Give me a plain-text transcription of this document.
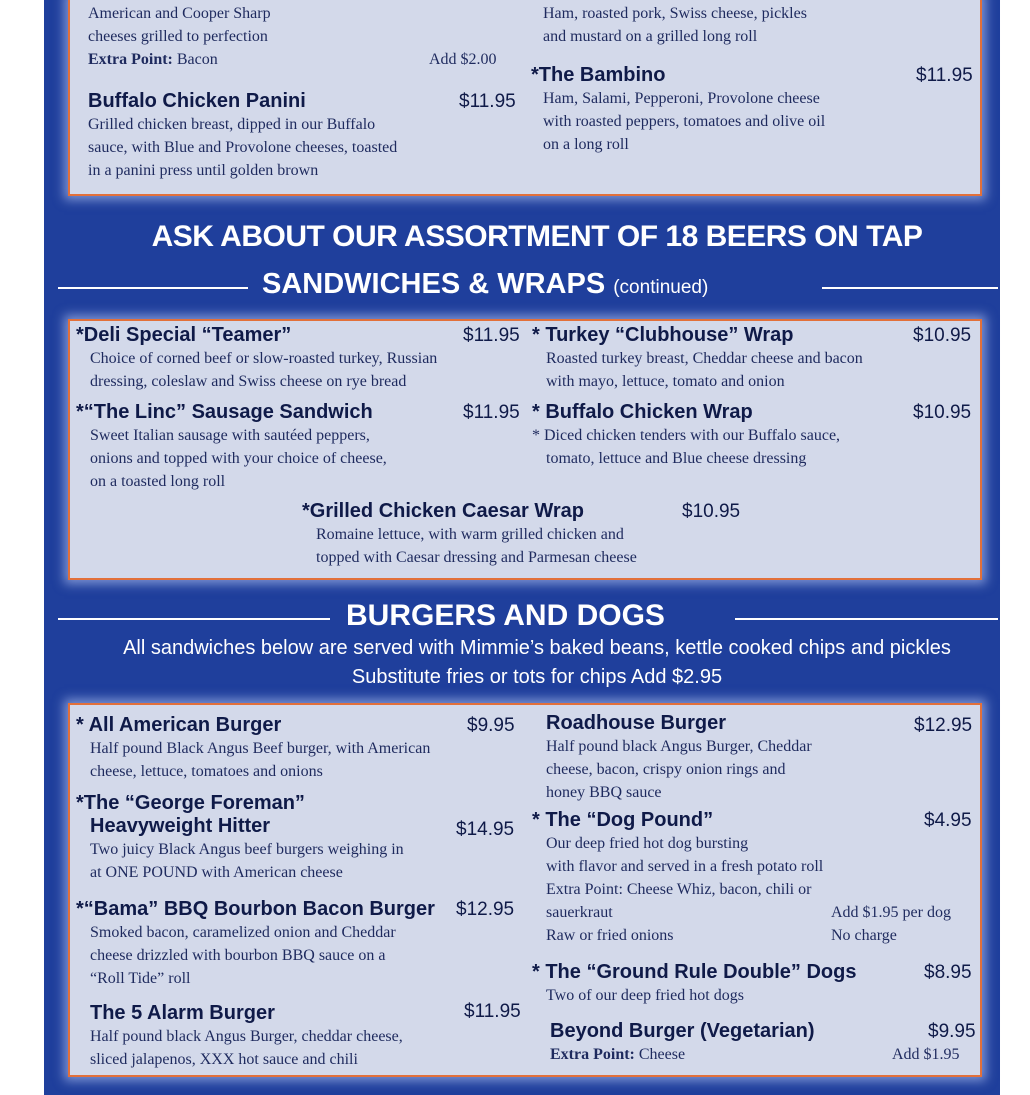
American and Cooper Sharp
cheeses grilled to perfection
Extra Point: Bacon	Add $2.00
Buffalo Chicken Panini	$11.95
Grilled chicken breast, dipped in our Buffalo
sauce, with Blue and Provolone cheeses, toasted
in a panini press until golden brown
Ham, roasted pork, Swiss cheese, pickles
and mustard on a grilled long roll
*The Bambino	$11.95
Ham, Salami, Pepperoni, Provolone cheese
with roasted peppers, tomatoes and olive oil
on a long roll
ASK ABOUT OUR ASSORTMENT OF 18 BEERS ON TAP
SANDWICHES & WRAPS (continued)
*Deli Special “Teamer”	$11.95
Choice of corned beef or slow-roasted turkey, Russian
dressing, coleslaw and Swiss cheese on rye bread
*“The Linc” Sausage Sandwich	$11.95
Sweet Italian sausage with sautéed peppers,
onions and topped with your choice of cheese,
on a toasted long roll
* Turkey “Clubhouse” Wrap	$10.95
Roasted turkey breast, Cheddar cheese and bacon
with mayo, lettuce, tomato and onion
* Buffalo Chicken Wrap	$10.95
* Diced chicken tenders with our Buffalo sauce,
tomato, lettuce and Blue cheese dressing
*Grilled Chicken Caesar Wrap	$10.95
Romaine lettuce, with warm grilled chicken and
topped with Caesar dressing and Parmesan cheese
BURGERS AND DOGS
All sandwiches below are served with Mimmie’s baked beans, kettle cooked chips and pickles
Substitute fries or tots for chips Add $2.95
* All American Burger	$9.95
Half pound Black Angus Beef burger, with American
cheese, lettuce, tomatoes and onions
*The “George Foreman”
Heavyweight Hitter	$14.95
Two juicy Black Angus beef burgers weighing in
at ONE POUND with American cheese
*“Bama” BBQ Bourbon Bacon Burger	$12.95
Smoked bacon, caramelized onion and Cheddar
cheese drizzled with bourbon BBQ sauce on a
“Roll Tide” roll
The 5 Alarm Burger	$11.95
Half pound black Angus Burger, cheddar cheese,
sliced jalapenos, XXX hot sauce and chili
Roadhouse Burger	$12.95
Half pound black Angus Burger, Cheddar
cheese, bacon, crispy onion rings and
honey BBQ sauce
* The “Dog Pound”	$4.95
Our deep fried hot dog bursting
with flavor and served in a fresh potato roll
Extra Point: Cheese Whiz, bacon, chili or
sauerkraut	Add $1.95 per dog
Raw or fried onions	No charge
* The “Ground Rule Double” Dogs	$8.95
Two of our deep fried hot dogs
Beyond Burger (Vegetarian)	$9.95
Extra Point: Cheese	Add $1.95
